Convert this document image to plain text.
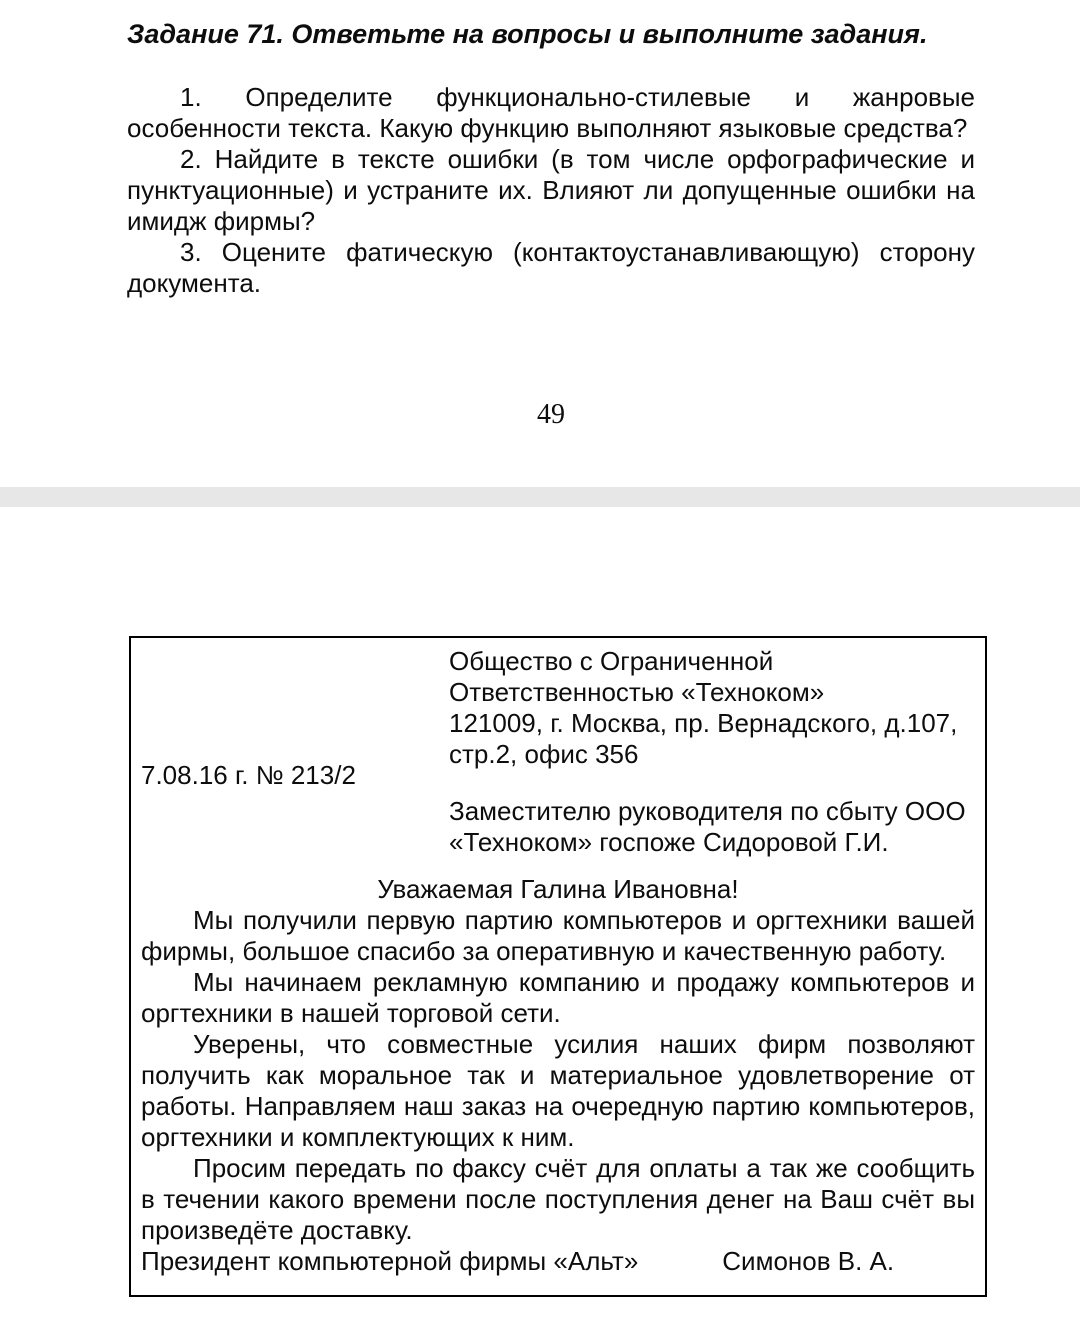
Задание 71. Ответьте на вопросы и выполните задания.

1. Определите функционально-стилевые и жанровые особенности текста. Какую функцию выполняют языковые средства?

2. Найдите в тексте ошибки (в том числе орфографические и пунктуационные) и устраните их. Влияют ли допущенные ошибки на имидж фирмы?

3. Оцените фатическую (контактоустанавливающую) сторону документа.

49
Общество с Ограниченной
Ответственностью «Техноком»
121009, г. Москва, пр. Вернадского, д.107,
стр.2, офис 356
7.08.16 г. № 213/2
Заместителю руководителя по сбыту ООО
«Техноком» госпоже Сидоровой Г.И.
Уважаемая Галина Ивановна!

Мы получили первую партию компьютеров и оргтехники вашей фирмы, большое спасибо за оперативную и качественную работу.

Мы начинаем рекламную компанию и продажу компьютеров и оргтехники в нашей торговой сети.

Уверены, что совместные усилия наших фирм позволяют получить как моральное так и материальное удовлетворение от работы. Направляем наш заказ на очередную партию компьютеров, оргтехники и комплектующих к ним.

Просим передать по факсу счёт для оплаты а так же сообщить в течении какого времени после поступления денег на Ваш счёт вы произведёте доставку.

Президент компьютерной фирмы «Альт»	Симонов В. А.
